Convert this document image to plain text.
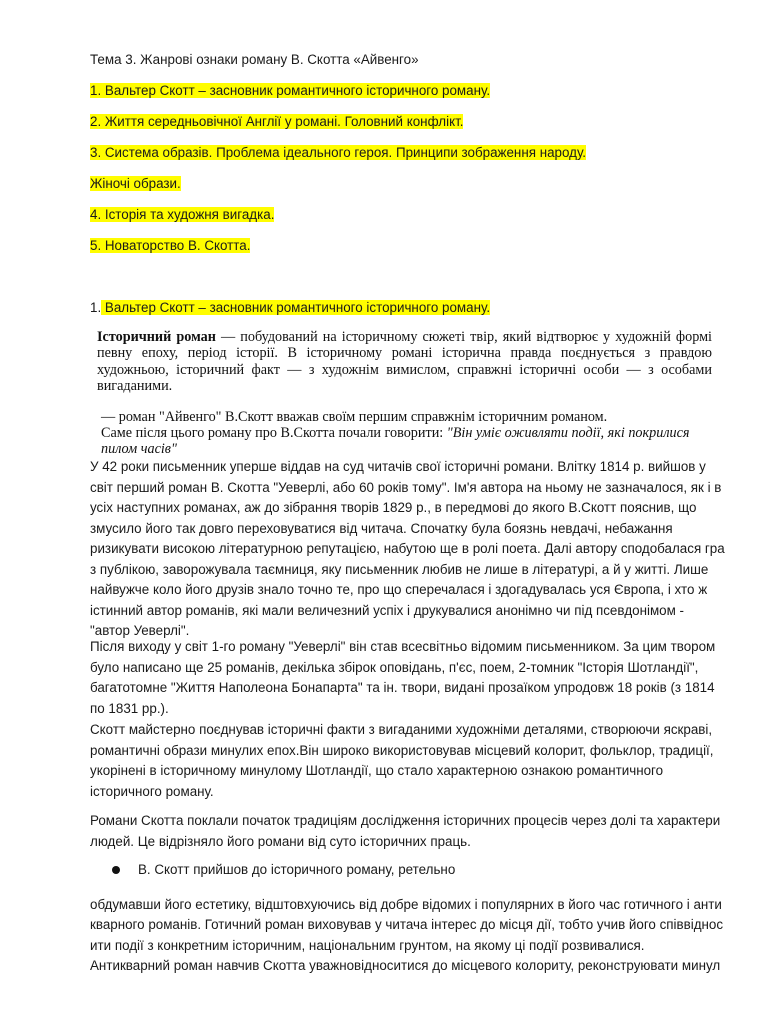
Тема 3. Жанрові ознаки роману В. Скотта «Айвенго»
1. Вальтер Скотт – засновник романтичного історичного роману.
2. Життя середньовічної Англії у романі. Головний конфлікт.
3. Система образів. Проблема ідеального героя. Принципи зображення народу.
Жіночі образи.
4. Історія та художня вигадка.
5. Новаторство В. Скотта.
1. Вальтер Скотт – засновник романтичного історичного роману.
Історичний роман — побудований на історичному сюжеті твір, який відтворює у художній формі
певну епоху, період історії. В історичному романі історична правда поєднується з правдою
художньою, історичний факт — з художнім вимислом, справжні історичні особи — з особами
вигаданими.
— роман "Айвенго" В.Скотт вважав своїм першим справжнім історичним романом.
Саме після цього роману про В.Скотта почали говорити: "Він уміє оживляти події, які покрилися
пилом часів"
У 42 роки письменник уперше віддав на суд читачів свої історичні романи. Влітку 1814 р. вийшов у
світ перший роман В. Скотта "Уеверлі, або 60 років тому". Ім'я автора на ньому не зазначалося, як і в
усіх наступних романах, аж до зібрання творів 1829 р., в передмові до якого В.Скотт пояснив, що
змусило його так довго переховуватися від читача. Спочатку була боязнь невдачі, небажання
ризикувати високою літературною репутацією, набутою ще в ролі поета. Далі автору сподобалася гра
з публікою, заворожувала таємниця, яку письменник любив не лише в літературі, а й у житті. Лише
найвужче коло його друзів знало точно те, про що сперечалася і здогадувалась уся Європа, і хто ж
істинний автор романів, які мали величезний успіх і друкувалися анонімно чи під псевдонімом -
"автор Уеверлі".
Після виходу у світ 1-го роману "Уеверлі" він став всесвітньо відомим письменником. За цим твором
було написано ще 25 романів, декілька збірок оповідань, п'єс, поем, 2-томник "Історія Шотландії",
багатотомне "Життя Наполеона Бонапарта" та ін. твори, видані прозаїком упродовж 18 років (з 1814
по 1831 рр.).
Скотт майстерно поєднував історичні факти з вигаданими художніми деталями, створюючи яскраві,
романтичні образи минулих епох.Він широко використовував місцевий колорит, фольклор, традиції,
укорінені в історичному минулому Шотландії, що стало характерною ознакою романтичного
історичного роману.
Романи Скотта поклали початок традиціям дослідження історичних процесів через долі та характери
людей. Це відрізняло його романи від суто історичних праць.
В. Скотт прийшов до історичного роману, ретельно

обдумавши його естетику, відштовхуючись від добре відомих і популярних в його час готичного і анти
кварного романів. Готичний роман виховував у читача інтерес до місця дії, тобто учив його співвіднос
ити події з конкретним історичним, національним грунтом, на якому ці події розвивалися.
Антикварний роман навчив Скотта уважновідноситися до місцевого колориту, реконструювати минул
